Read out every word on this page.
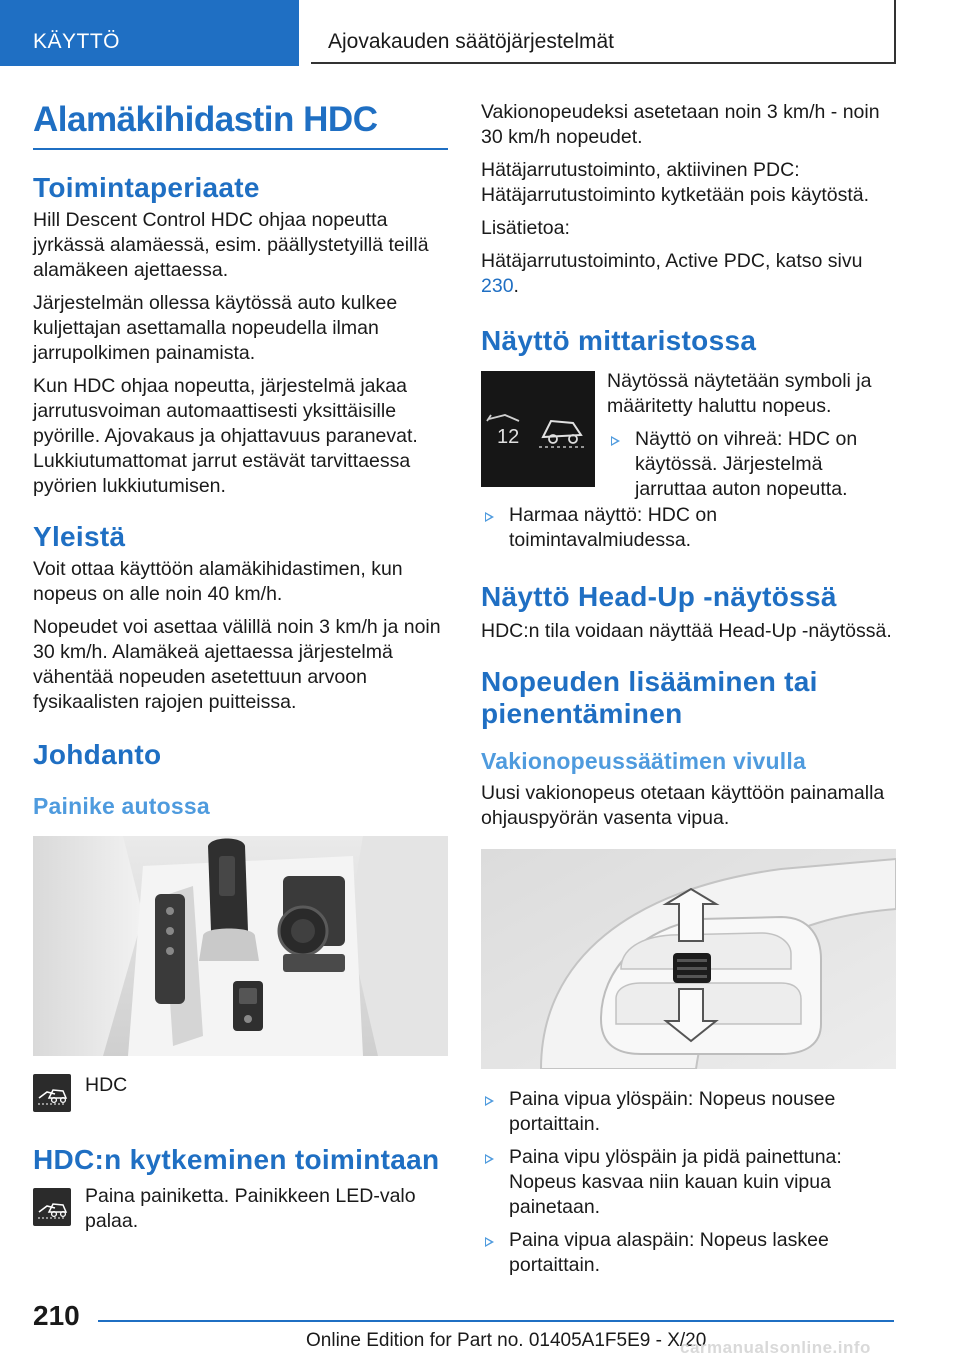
KÄYTTÖ	Ajovakauden säätöjärjestelmät
Alamäkihidastin HDC
Toimintaperiaate

Hill Descent Control HDC ohjaa nopeutta jyrkässä alamäessä, esim. päällystetyillä teillä alamäkeen ajettaessa.

Järjestelmän ollessa käytössä auto kulkee kuljettajan asettamalla nopeudella ilman jarrupolkimen painamista.

Kun HDC ohjaa nopeutta, järjestelmä jakaa jarrutusvoiman automaattisesti yksittäisille pyörille. Ajovakaus ja ohjattavuus paranevat. Lukkiutumattomat jarrut estävät tarvittaessa pyörien lukkiutumisen.

Yleistä

Voit ottaa käyttöön alamäkihidastimen, kun nopeus on alle noin 40 km/h.

Nopeudet voi asettaa välillä noin 3 km/h ja noin 30 km/h. Alamäkeä ajettaessa järjestelmä vähentää nopeuden asetettuun arvoon fysikaalisten rajojen puitteissa.

Johdanto
Painike autossa
HDC
HDC:n kytkeminen toimintaan

Paina painiketta. Painikkeen LED-valo palaa.

Vakionopeudeksi asetetaan noin 3 km/h - noin 30 km/h nopeudet.

Hätäjarrutustoiminto, aktiivinen PDC: Hätäjarrutustoiminto kytketään pois käytöstä.

Lisätietoa:

Hätäjarrutustoiminto, Active PDC, katso sivu 230.

Näyttö mittaristossa
12

Näytössä näytetään symboli ja määritetty haluttu nopeus.

Näyttö on vihreä: HDC on käytössä. Järjestelmä jarruttaa auton nopeutta.
Harmaa näyttö: HDC on toimintavalmiudessa.
Näyttö Head-Up -näytössä

HDC:n tila voidaan näyttää Head-Up -näytössä.

Nopeuden lisääminen tai pienentäminen
Vakionopeussäätimen vivulla

Uusi vakionopeus otetaan käyttöön painamalla ohjauspyörän vasenta vipua.

Paina vipua ylöspäin: Nopeus nousee portaittain.
Paina vipu ylöspäin ja pidä painettuna: Nopeus kasvaa niin kauan kuin vipua painetaan.
Paina vipua alaspäin: Nopeus laskee portaittain.
210
Online Edition for Part no. 01405A1F5E9 - X/20
carmanualsonline.info
